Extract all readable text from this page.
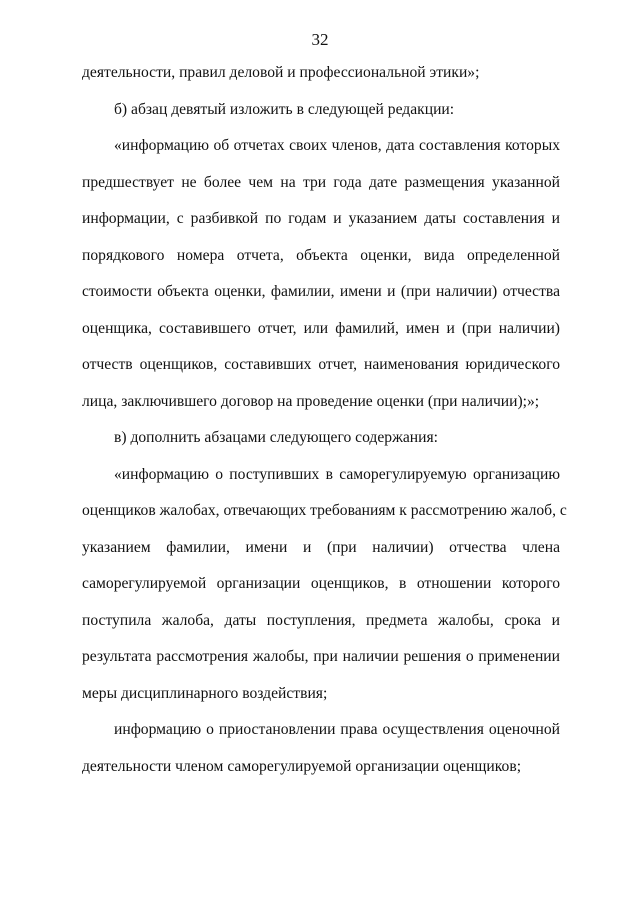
32
деятельности, правил деловой и профессиональной этики»;
б) абзац девятый изложить в следующей редакции:
«информацию об отчетах своих членов, дата составления которых
предшествует не более чем на три года дате размещения указанной
информации, с разбивкой по годам и указанием даты составления и
порядкового номера отчета, объекта оценки, вида определенной
стоимости объекта оценки, фамилии, имени и (при наличии) отчества
оценщика, составившего отчет, или фамилий, имен и (при наличии)
отчеств оценщиков, составивших отчет, наименования юридического
лица, заключившего договор на проведение оценки (при наличии);»;
в) дополнить абзацами следующего содержания:
«информацию о поступивших в саморегулируемую организацию
оценщиков жалобах, отвечающих требованиям к рассмотрению жалоб, с
указанием фамилии, имени и (при наличии) отчества члена
саморегулируемой организации оценщиков, в отношении которого
поступила жалоба, даты поступления, предмета жалобы, срока и
результата рассмотрения жалобы, при наличии решения о применении
меры дисциплинарного воздействия;
информацию о приостановлении права осуществления оценочной
деятельности членом саморегулируемой организации оценщиков;
